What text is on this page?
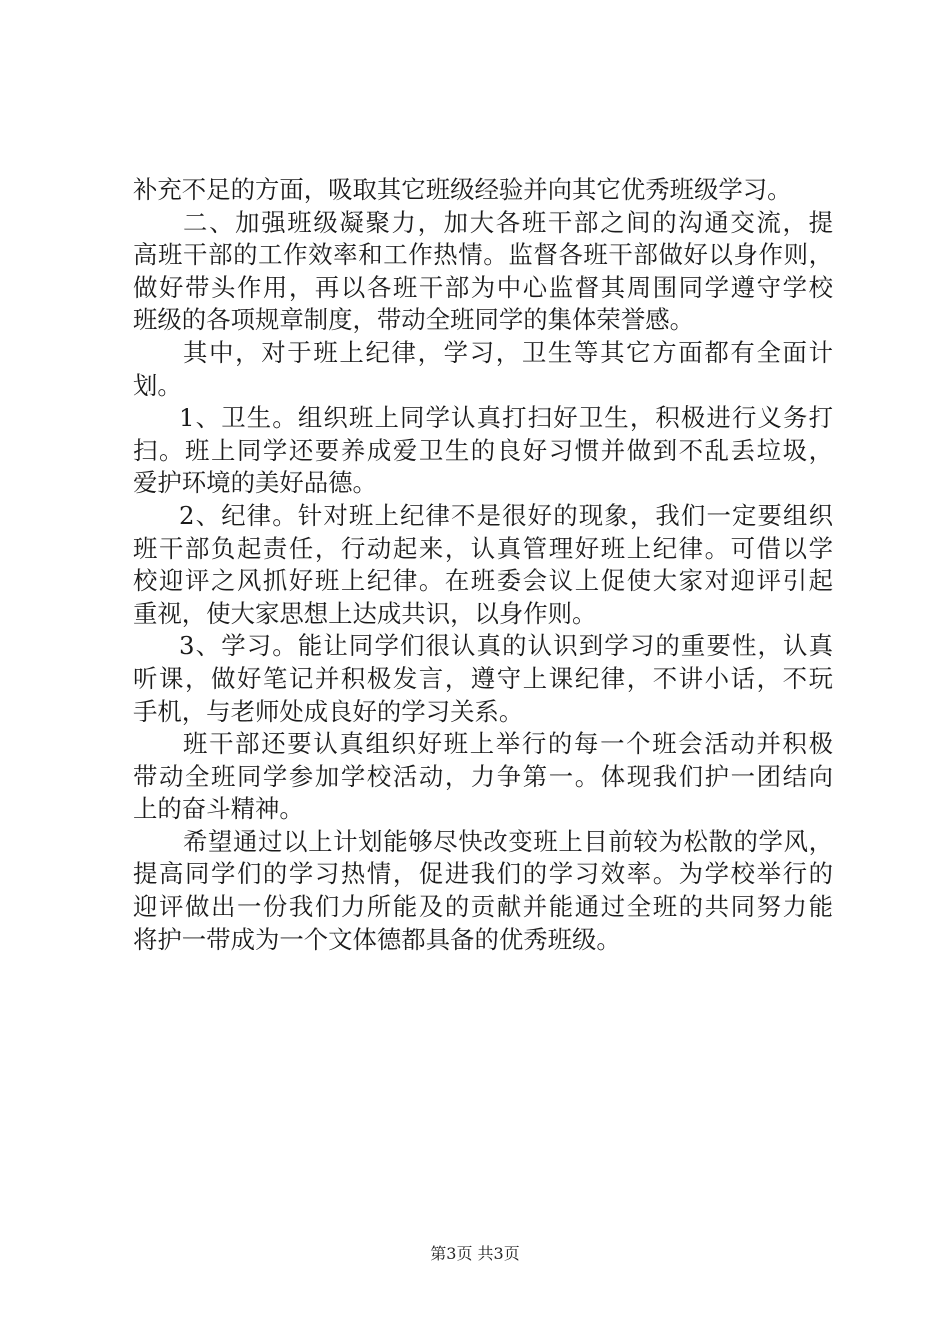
补充不足的方面，吸取其它班级经验并向其它优秀班级学习。
二、加强班级凝聚力，加大各班干部之间的沟通交流，提
高班干部的工作效率和工作热情。监督各班干部做好以身作则，
做好带头作用，再以各班干部为中心监督其周围同学遵守学校
班级的各项规章制度，带动全班同学的集体荣誉感。
其中，对于班上纪律，学习，卫生等其它方面都有全面计
划。
1、卫生。组织班上同学认真打扫好卫生，积极进行义务打
扫。班上同学还要养成爱卫生的良好习惯并做到不乱丢垃圾，
爱护环境的美好品德。
2、纪律。针对班上纪律不是很好的现象，我们一定要组织
班干部负起责任，行动起来，认真管理好班上纪律。可借以学
校迎评之风抓好班上纪律。在班委会议上促使大家对迎评引起
重视，使大家思想上达成共识，以身作则。
3、学习。能让同学们很认真的认识到学习的重要性，认真
听课，做好笔记并积极发言，遵守上课纪律，不讲小话，不玩
手机，与老师处成良好的学习关系。
班干部还要认真组织好班上举行的每一个班会活动并积极
带动全班同学参加学校活动，力争第一。体现我们护一团结向
上的奋斗精神。
希望通过以上计划能够尽快改变班上目前较为松散的学风，
提高同学们的学习热情，促进我们的学习效率。为学校举行的
迎评做出一份我们力所能及的贡献并能通过全班的共同努力能
将护一带成为一个文体德都具备的优秀班级。
第3页 共3页
